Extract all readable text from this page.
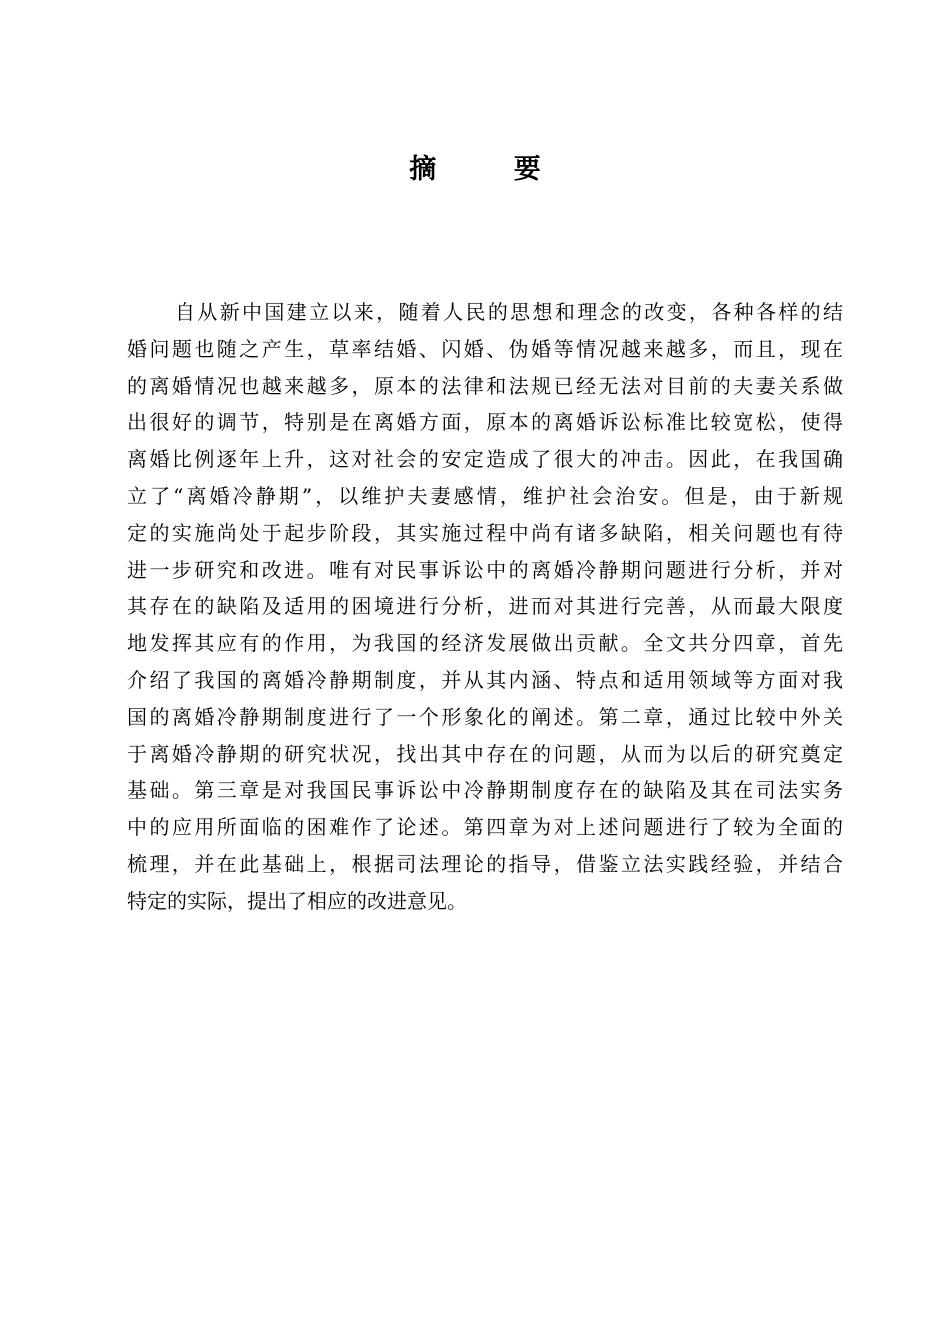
摘 要
自从新中国建立以来，随着人民的思想和理念的改变，各种各样的结
婚问题也随之产生，草率结婚、闪婚、伪婚等情况越来越多，而且，现在
的离婚情况也越来越多，原本的法律和法规已经无法对目前的夫妻关系做
出很好的调节，特别是在离婚方面，原本的离婚诉讼标准比较宽松，使得
离婚比例逐年上升，这对社会的安定造成了很大的冲击。因此，在我国确
立了“离婚冷静期”，以维护夫妻感情，维护社会治安。但是，由于新规
定的实施尚处于起步阶段，其实施过程中尚有诸多缺陷，相关问题也有待
进一步研究和改进。唯有对民事诉讼中的离婚冷静期问题进行分析，并对
其存在的缺陷及适用的困境进行分析，进而对其进行完善，从而最大限度
地发挥其应有的作用，为我国的经济发展做出贡献。全文共分四章，首先
介绍了我国的离婚冷静期制度，并从其内涵、特点和适用领域等方面对我
国的离婚冷静期制度进行了一个形象化的阐述。第二章，通过比较中外关
于离婚冷静期的研究状况，找出其中存在的问题，从而为以后的研究奠定
基础。第三章是对我国民事诉讼中冷静期制度存在的缺陷及其在司法实务
中的应用所面临的困难作了论述。第四章为对上述问题进行了较为全面的
梳理，并在此基础上，根据司法理论的指导，借鉴立法实践经验，并结合
特定的实际，提出了相应的改进意见。
